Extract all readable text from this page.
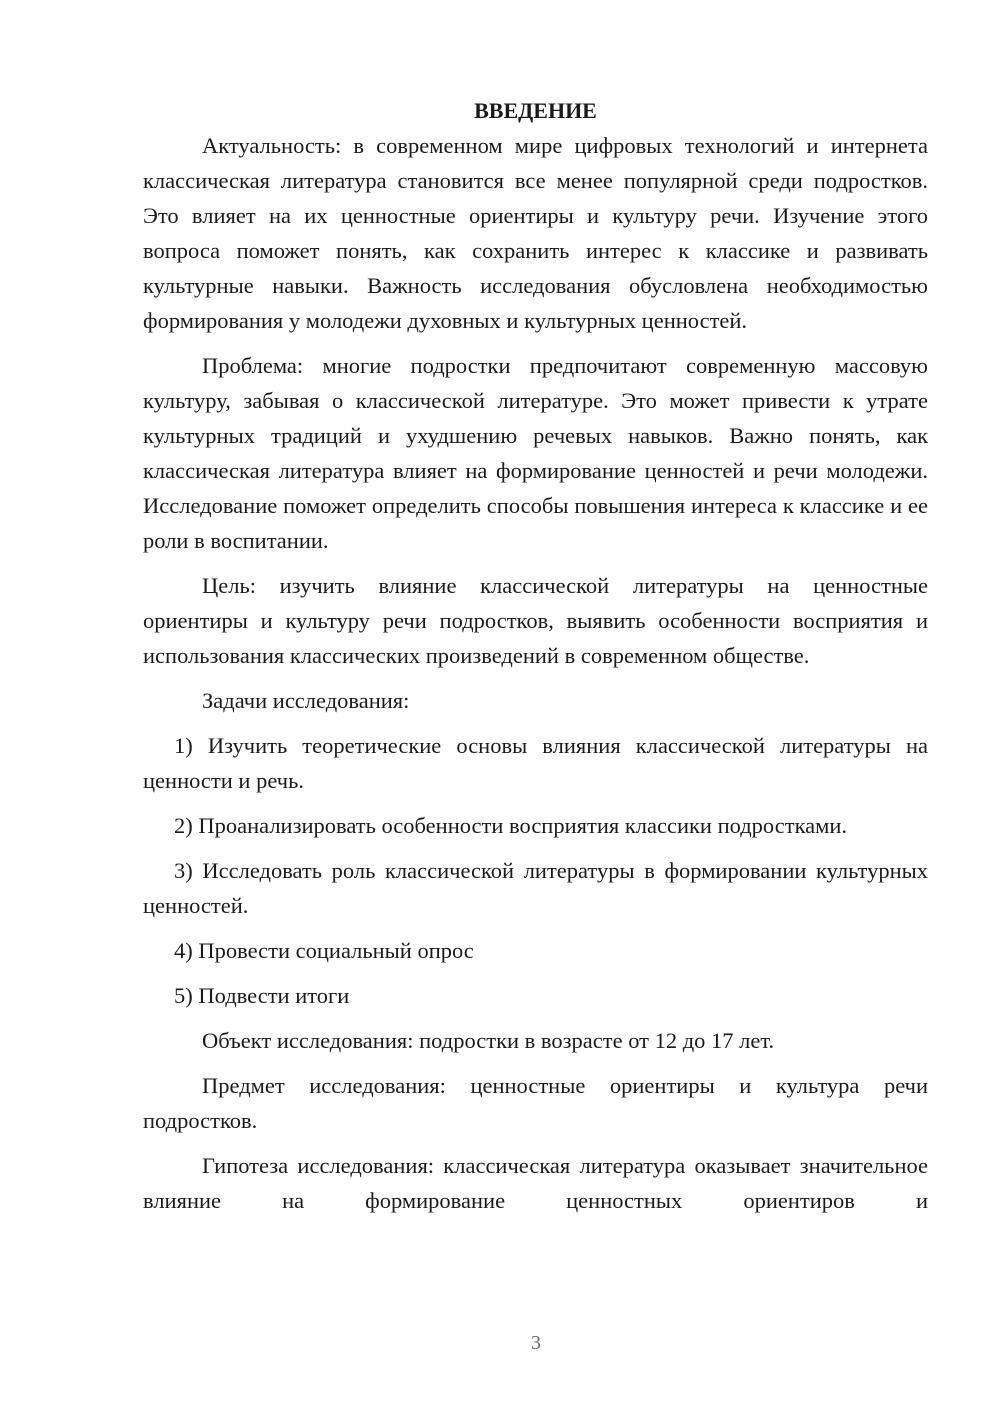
ВВЕДЕНИЕ

Актуальность: в современном мире цифровых технологий и интернета классическая литература становится все менее популярной среди подростков. Это влияет на их ценностные ориентиры и культуру речи. Изучение этого вопроса поможет понять, как сохранить интерес к классике и развивать культурные навыки. Важность исследования обусловлена необходимостью формирования у молодежи духовных и культурных ценностей.

Проблема: многие подростки предпочитают современную массовую культуру, забывая о классической литературе. Это может привести к утрате культурных традиций и ухудшению речевых навыков. Важно понять, как классическая литература влияет на формирование ценностей и речи молодежи. Исследование поможет определить способы повышения интереса к классике и ее роли в воспитании.

Цель: изучить влияние классической литературы на ценностные ориентиры и культуру речи подростков, выявить особенности восприятия и использования классических произведений в современном обществе.

Задачи исследования:

1) Изучить теоретические основы влияния классической литературы на ценности и речь.

2) Проанализировать особенности восприятия классики подростками.

3) Исследовать роль классической литературы в формировании культурных ценностей.

4) Провести социальный опрос

5) Подвести итоги

Объект исследования: подростки в возрасте от 12 до 17 лет.

Предмет исследования: ценностные ориентиры и культура речи подростков.

Гипотеза исследования: классическая литература оказывает значительное влияние на формирование ценностных ориентиров и

3
